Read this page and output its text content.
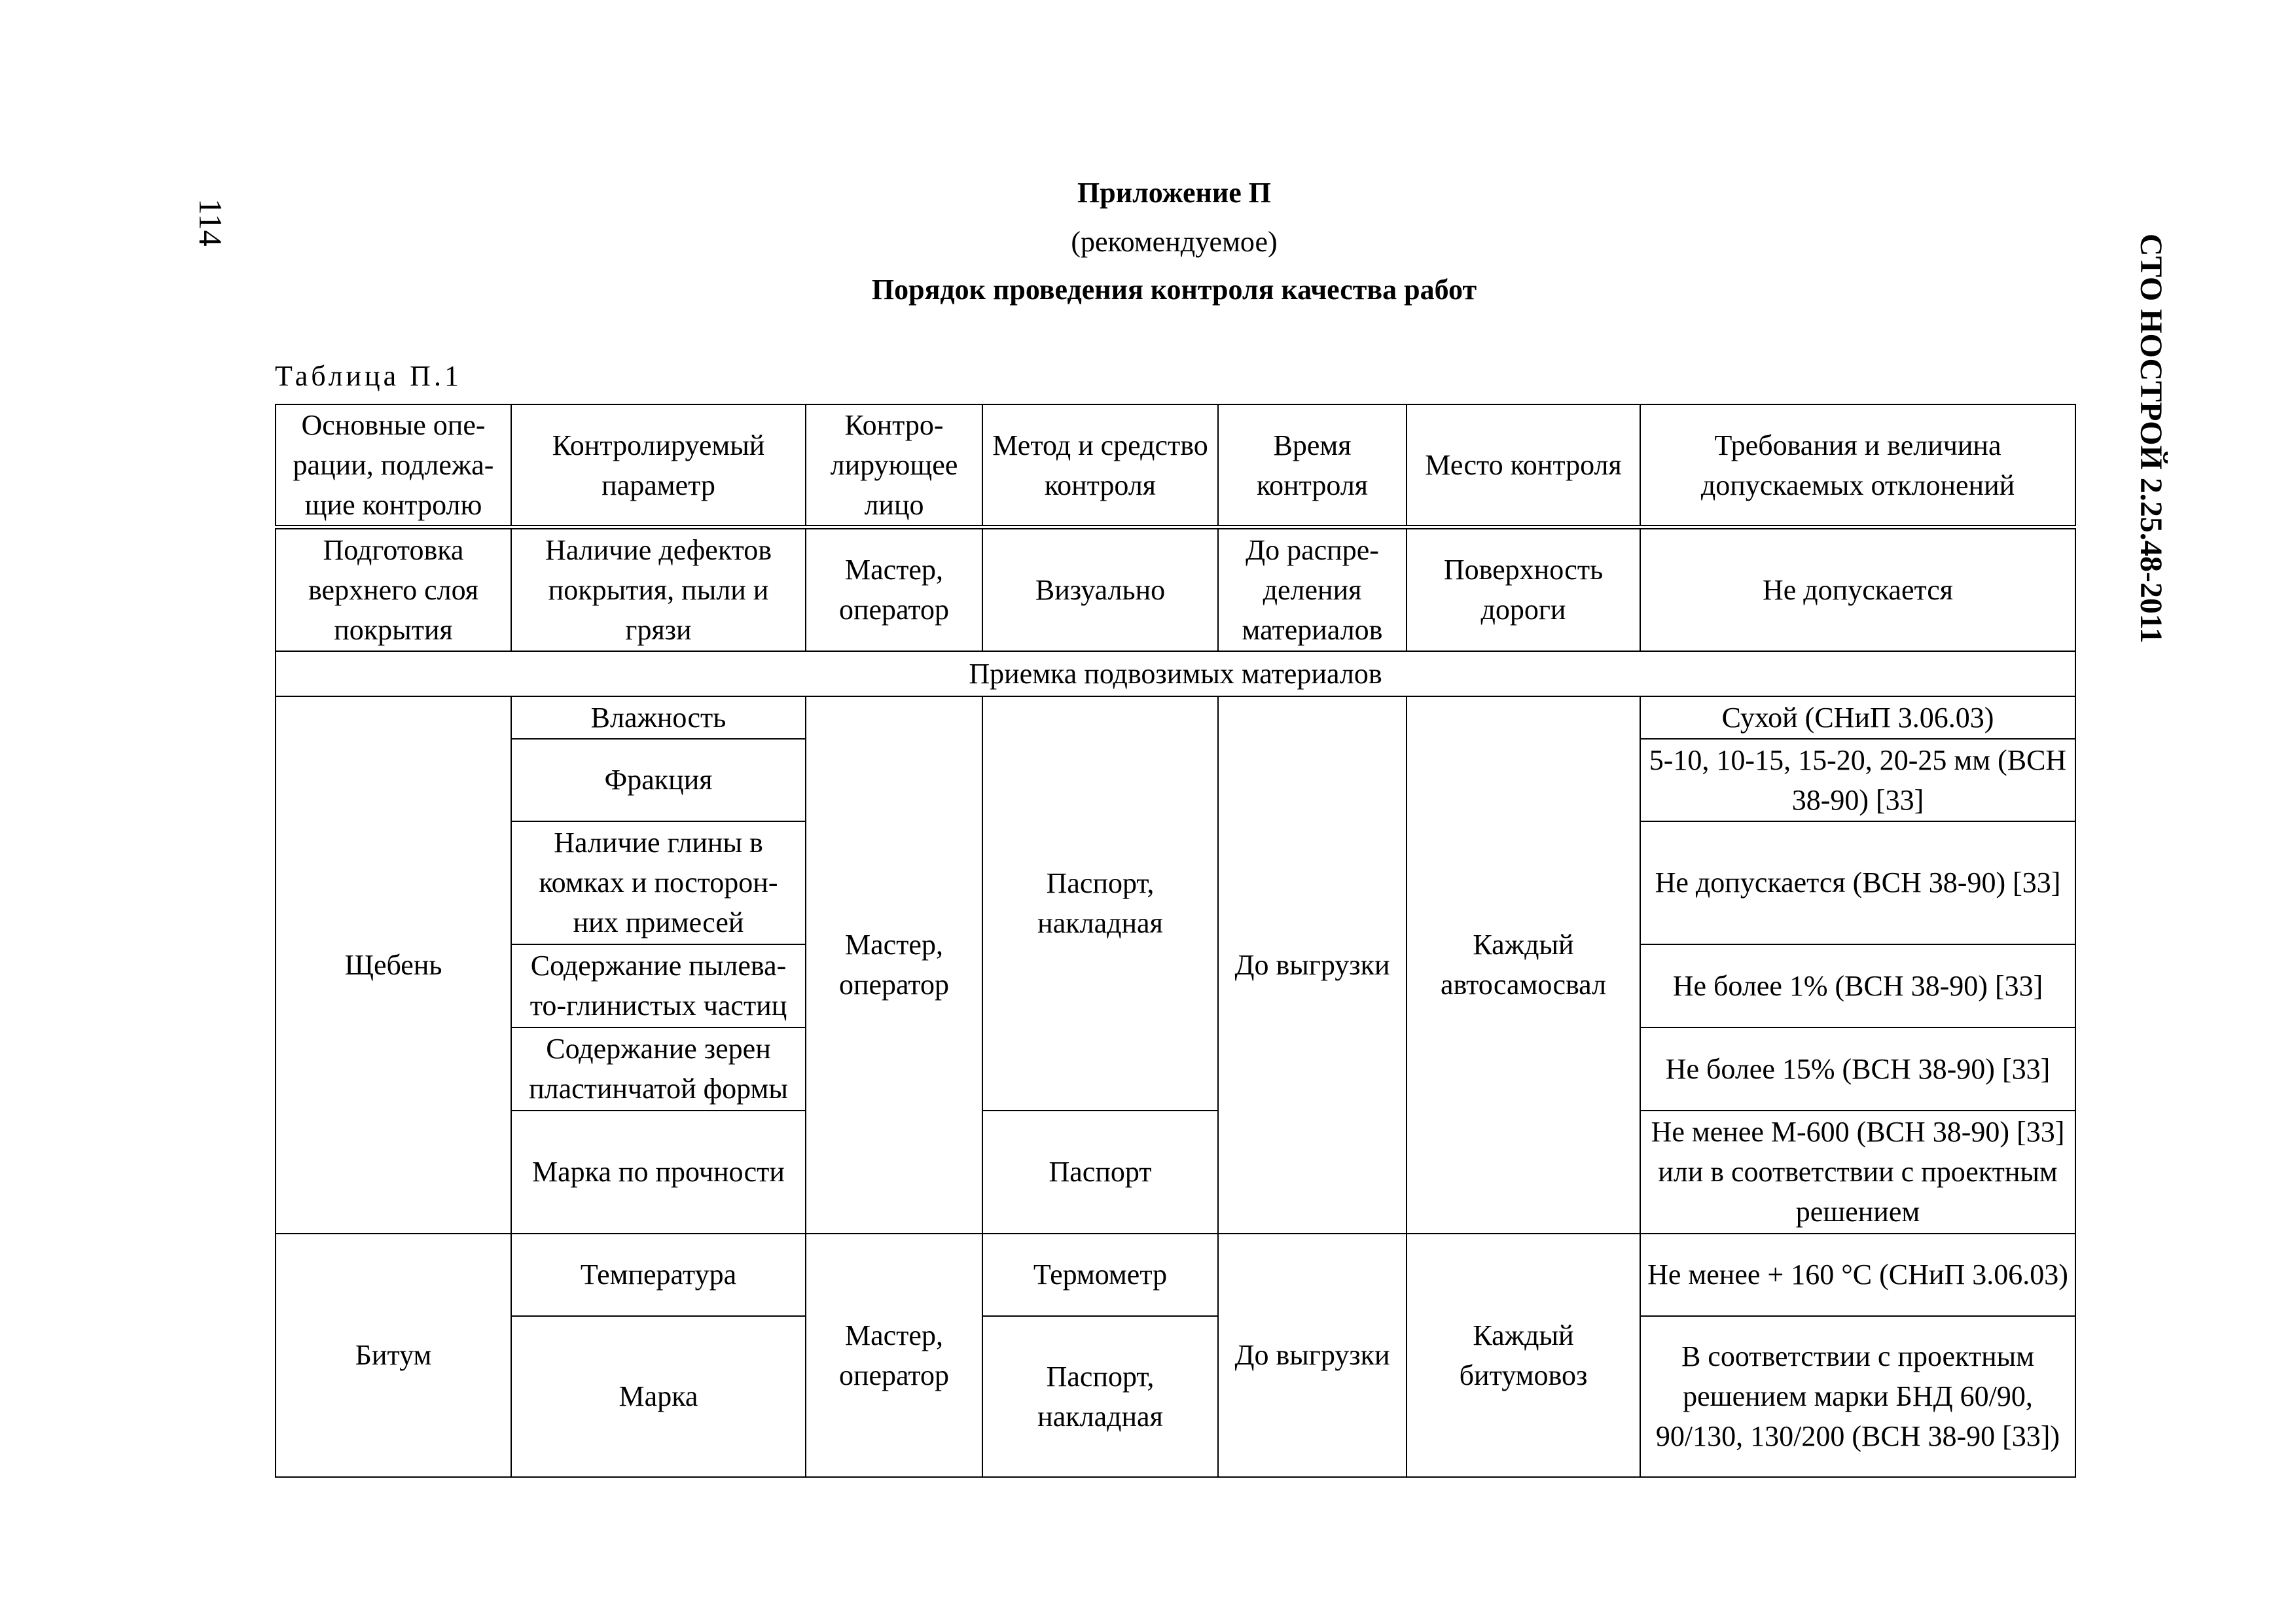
114
СТО НОСТРОЙ 2.25.48-2011
Приложение П
(рекомендуемое)
Порядок проведения контроля качества работ
Таблица П.1
Основные опе-рации, подлежа-щие контролю	Контролируемый параметр	Контро-лирующее лицо	Метод и средство контроля	Время контроля	Место контроля	Требования и величина допускаемых отклонений
Подготовка верхнего слоя покрытия	Наличие дефектов покрытия, пыли и грязи	Мастер, оператор	Визуально	До распре-деления материалов	Поверхность дороги	Не допускается
Приемка подвозимых материалов						
Щебень	Влажность	Мастер, оператор	Паспорт, накладная	До выгрузки	Каждый автосамосвал	Сухой (СНиП 3.06.03)
	Фракция					5-10, 10-15, 15-20, 20-25 мм (ВСН 38-90) [33]
	Наличие глины в комках и посторон-них примесей					Не допускается (ВСН 38-90) [33]
	Содержание пылева-то-глинистых частиц					Не более 1% (ВСН 38-90) [33]
	Содержание зерен пластинчатой формы					Не более 15% (ВСН 38-90) [33]
	Марка по прочности		Паспорт			Не менее М-600 (ВСН 38-90) [33] или в соответствии с проектным решением
Битум	Температура	Мастер, оператор	Термометр	До выгрузки	Каждый битумовоз	Не менее + 160 °С (СНиП 3.06.03)
	Марка		Паспорт, накладная			В соответствии с проектным решением марки БНД 60/90, 90/130, 130/200 (ВСН 38-90 [33])
